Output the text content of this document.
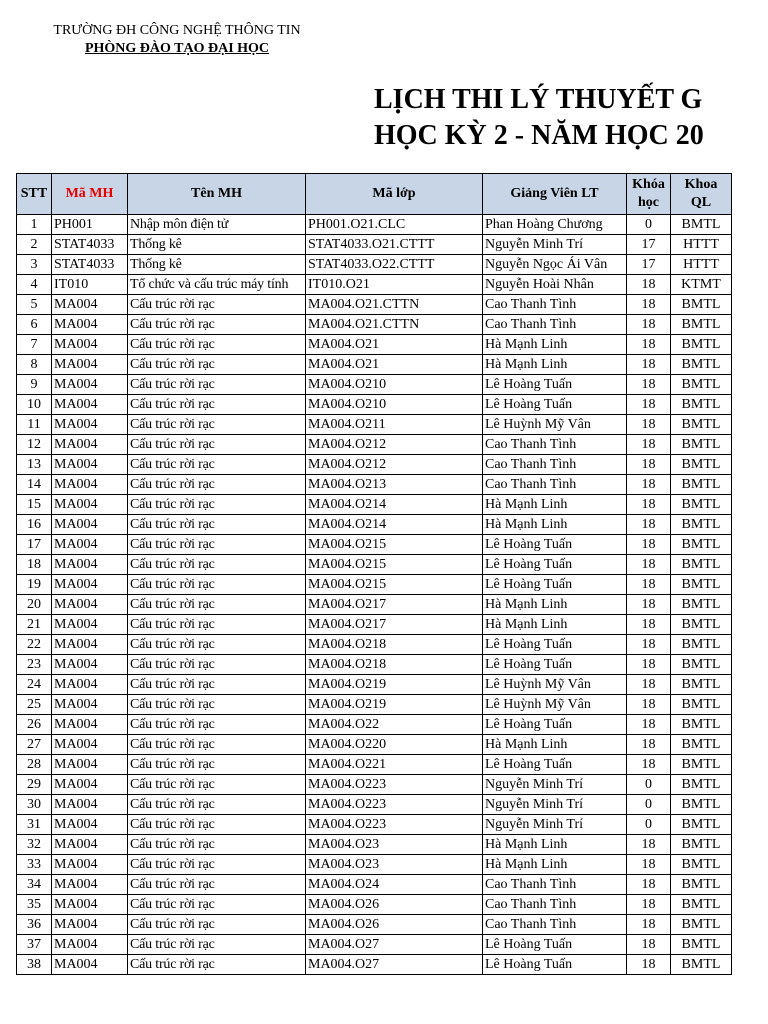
TRƯỜNG ĐH CÔNG NGHỆ THÔNG TIN
PHÒNG ĐÀO TẠO ĐẠI HỌC
LỊCH THI LÝ THUYẾT G
HỌC KỲ 2 - NĂM HỌC 20
STT	Mã MH	Tên MH	Mã lớp	Giảng Viên LT	Khóa học	Khoa QL
1	PH001	Nhập môn điện tử	PH001.O21.CLC	Phan Hoàng Chương	0	BMTL
2	STAT4033	Thống kê	STAT4033.O21.CTTT	Nguyễn Minh Trí	17	HTTT
3	STAT4033	Thống kê	STAT4033.O22.CTTT	Nguyễn Ngọc Ái Vân	17	HTTT
4	IT010	Tổ chức và cấu trúc máy tính	IT010.O21	Nguyễn Hoài Nhân	18	KTMT
5	MA004	Cấu trúc rời rạc	MA004.O21.CTTN	Cao Thanh Tình	18	BMTL
6	MA004	Cấu trúc rời rạc	MA004.O21.CTTN	Cao Thanh Tình	18	BMTL
7	MA004	Cấu trúc rời rạc	MA004.O21	Hà Mạnh Linh	18	BMTL
8	MA004	Cấu trúc rời rạc	MA004.O21	Hà Mạnh Linh	18	BMTL
9	MA004	Cấu trúc rời rạc	MA004.O210	Lê Hoàng Tuấn	18	BMTL
10	MA004	Cấu trúc rời rạc	MA004.O210	Lê Hoàng Tuấn	18	BMTL
11	MA004	Cấu trúc rời rạc	MA004.O211	Lê Huỳnh Mỹ Vân	18	BMTL
12	MA004	Cấu trúc rời rạc	MA004.O212	Cao Thanh Tình	18	BMTL
13	MA004	Cấu trúc rời rạc	MA004.O212	Cao Thanh Tình	18	BMTL
14	MA004	Cấu trúc rời rạc	MA004.O213	Cao Thanh Tình	18	BMTL
15	MA004	Cấu trúc rời rạc	MA004.O214	Hà Mạnh Linh	18	BMTL
16	MA004	Cấu trúc rời rạc	MA004.O214	Hà Mạnh Linh	18	BMTL
17	MA004	Cấu trúc rời rạc	MA004.O215	Lê Hoàng Tuấn	18	BMTL
18	MA004	Cấu trúc rời rạc	MA004.O215	Lê Hoàng Tuấn	18	BMTL
19	MA004	Cấu trúc rời rạc	MA004.O215	Lê Hoàng Tuấn	18	BMTL
20	MA004	Cấu trúc rời rạc	MA004.O217	Hà Mạnh Linh	18	BMTL
21	MA004	Cấu trúc rời rạc	MA004.O217	Hà Mạnh Linh	18	BMTL
22	MA004	Cấu trúc rời rạc	MA004.O218	Lê Hoàng Tuấn	18	BMTL
23	MA004	Cấu trúc rời rạc	MA004.O218	Lê Hoàng Tuấn	18	BMTL
24	MA004	Cấu trúc rời rạc	MA004.O219	Lê Huỳnh Mỹ Vân	18	BMTL
25	MA004	Cấu trúc rời rạc	MA004.O219	Lê Huỳnh Mỹ Vân	18	BMTL
26	MA004	Cấu trúc rời rạc	MA004.O22	Lê Hoàng Tuấn	18	BMTL
27	MA004	Cấu trúc rời rạc	MA004.O220	Hà Mạnh Linh	18	BMTL
28	MA004	Cấu trúc rời rạc	MA004.O221	Lê Hoàng Tuấn	18	BMTL
29	MA004	Cấu trúc rời rạc	MA004.O223	Nguyễn Minh Trí	0	BMTL
30	MA004	Cấu trúc rời rạc	MA004.O223	Nguyễn Minh Trí	0	BMTL
31	MA004	Cấu trúc rời rạc	MA004.O223	Nguyễn Minh Trí	0	BMTL
32	MA004	Cấu trúc rời rạc	MA004.O23	Hà Mạnh Linh	18	BMTL
33	MA004	Cấu trúc rời rạc	MA004.O23	Hà Mạnh Linh	18	BMTL
34	MA004	Cấu trúc rời rạc	MA004.O24	Cao Thanh Tình	18	BMTL
35	MA004	Cấu trúc rời rạc	MA004.O26	Cao Thanh Tình	18	BMTL
36	MA004	Cấu trúc rời rạc	MA004.O26	Cao Thanh Tình	18	BMTL
37	MA004	Cấu trúc rời rạc	MA004.O27	Lê Hoàng Tuấn	18	BMTL
38	MA004	Cấu trúc rời rạc	MA004.O27	Lê Hoàng Tuấn	18	BMTL
